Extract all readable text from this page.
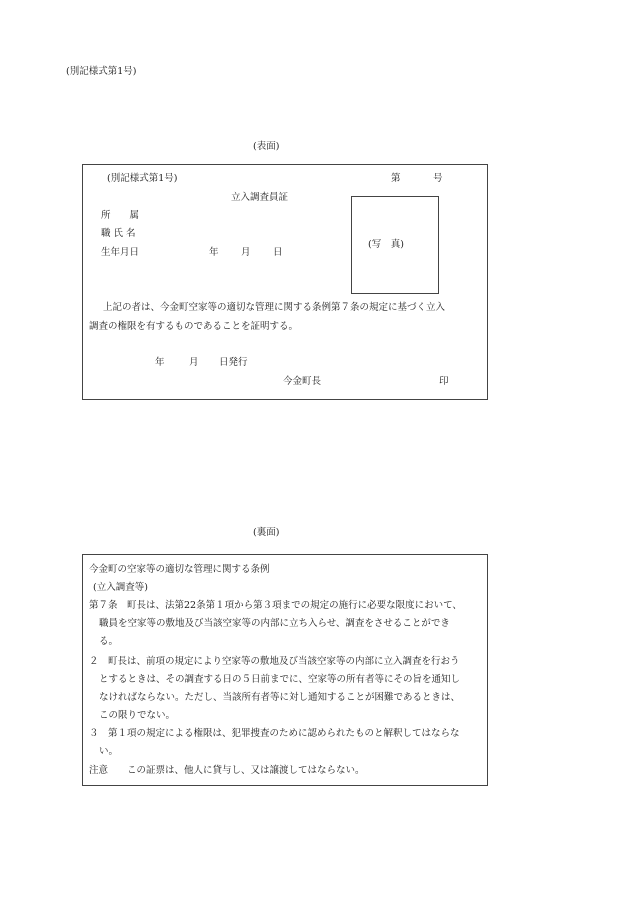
(別記様式第1号)
(表面)
(別記様式第1号)	第	号
立入調査員証
所　　属
職 氏 名
生年月日	年 月 日
(写　真)
上記の者は、今金町空家等の適切な管理に関する条例第７条の規定に基づく立入
調査の権限を有するものであることを証明する。
年	月 日発行
今金町長	印
(裏面)
今金町の空家等の適切な管理に関する条例
(立入調査等)
第７条　町長は、法第22条第１項から第３項までの規定の施行に必要な限度において、
職員を空家等の敷地及び当該空家等の内部に立ち入らせ、調査をさせることができ
る。
２　町長は、前項の規定により空家等の敷地及び当該空家等の内部に立入調査を行おう
とするときは、その調査する日の５日前までに、空家等の所有者等にその旨を通知し
なければならない。ただし、当該所有者等に対し通知することが困難であるときは、
この限りでない。
３　第１項の規定による権限は、犯罪捜査のために認められたものと解釈してはならな
い。
注意　　この証票は、他人に貸与し、又は譲渡してはならない。
